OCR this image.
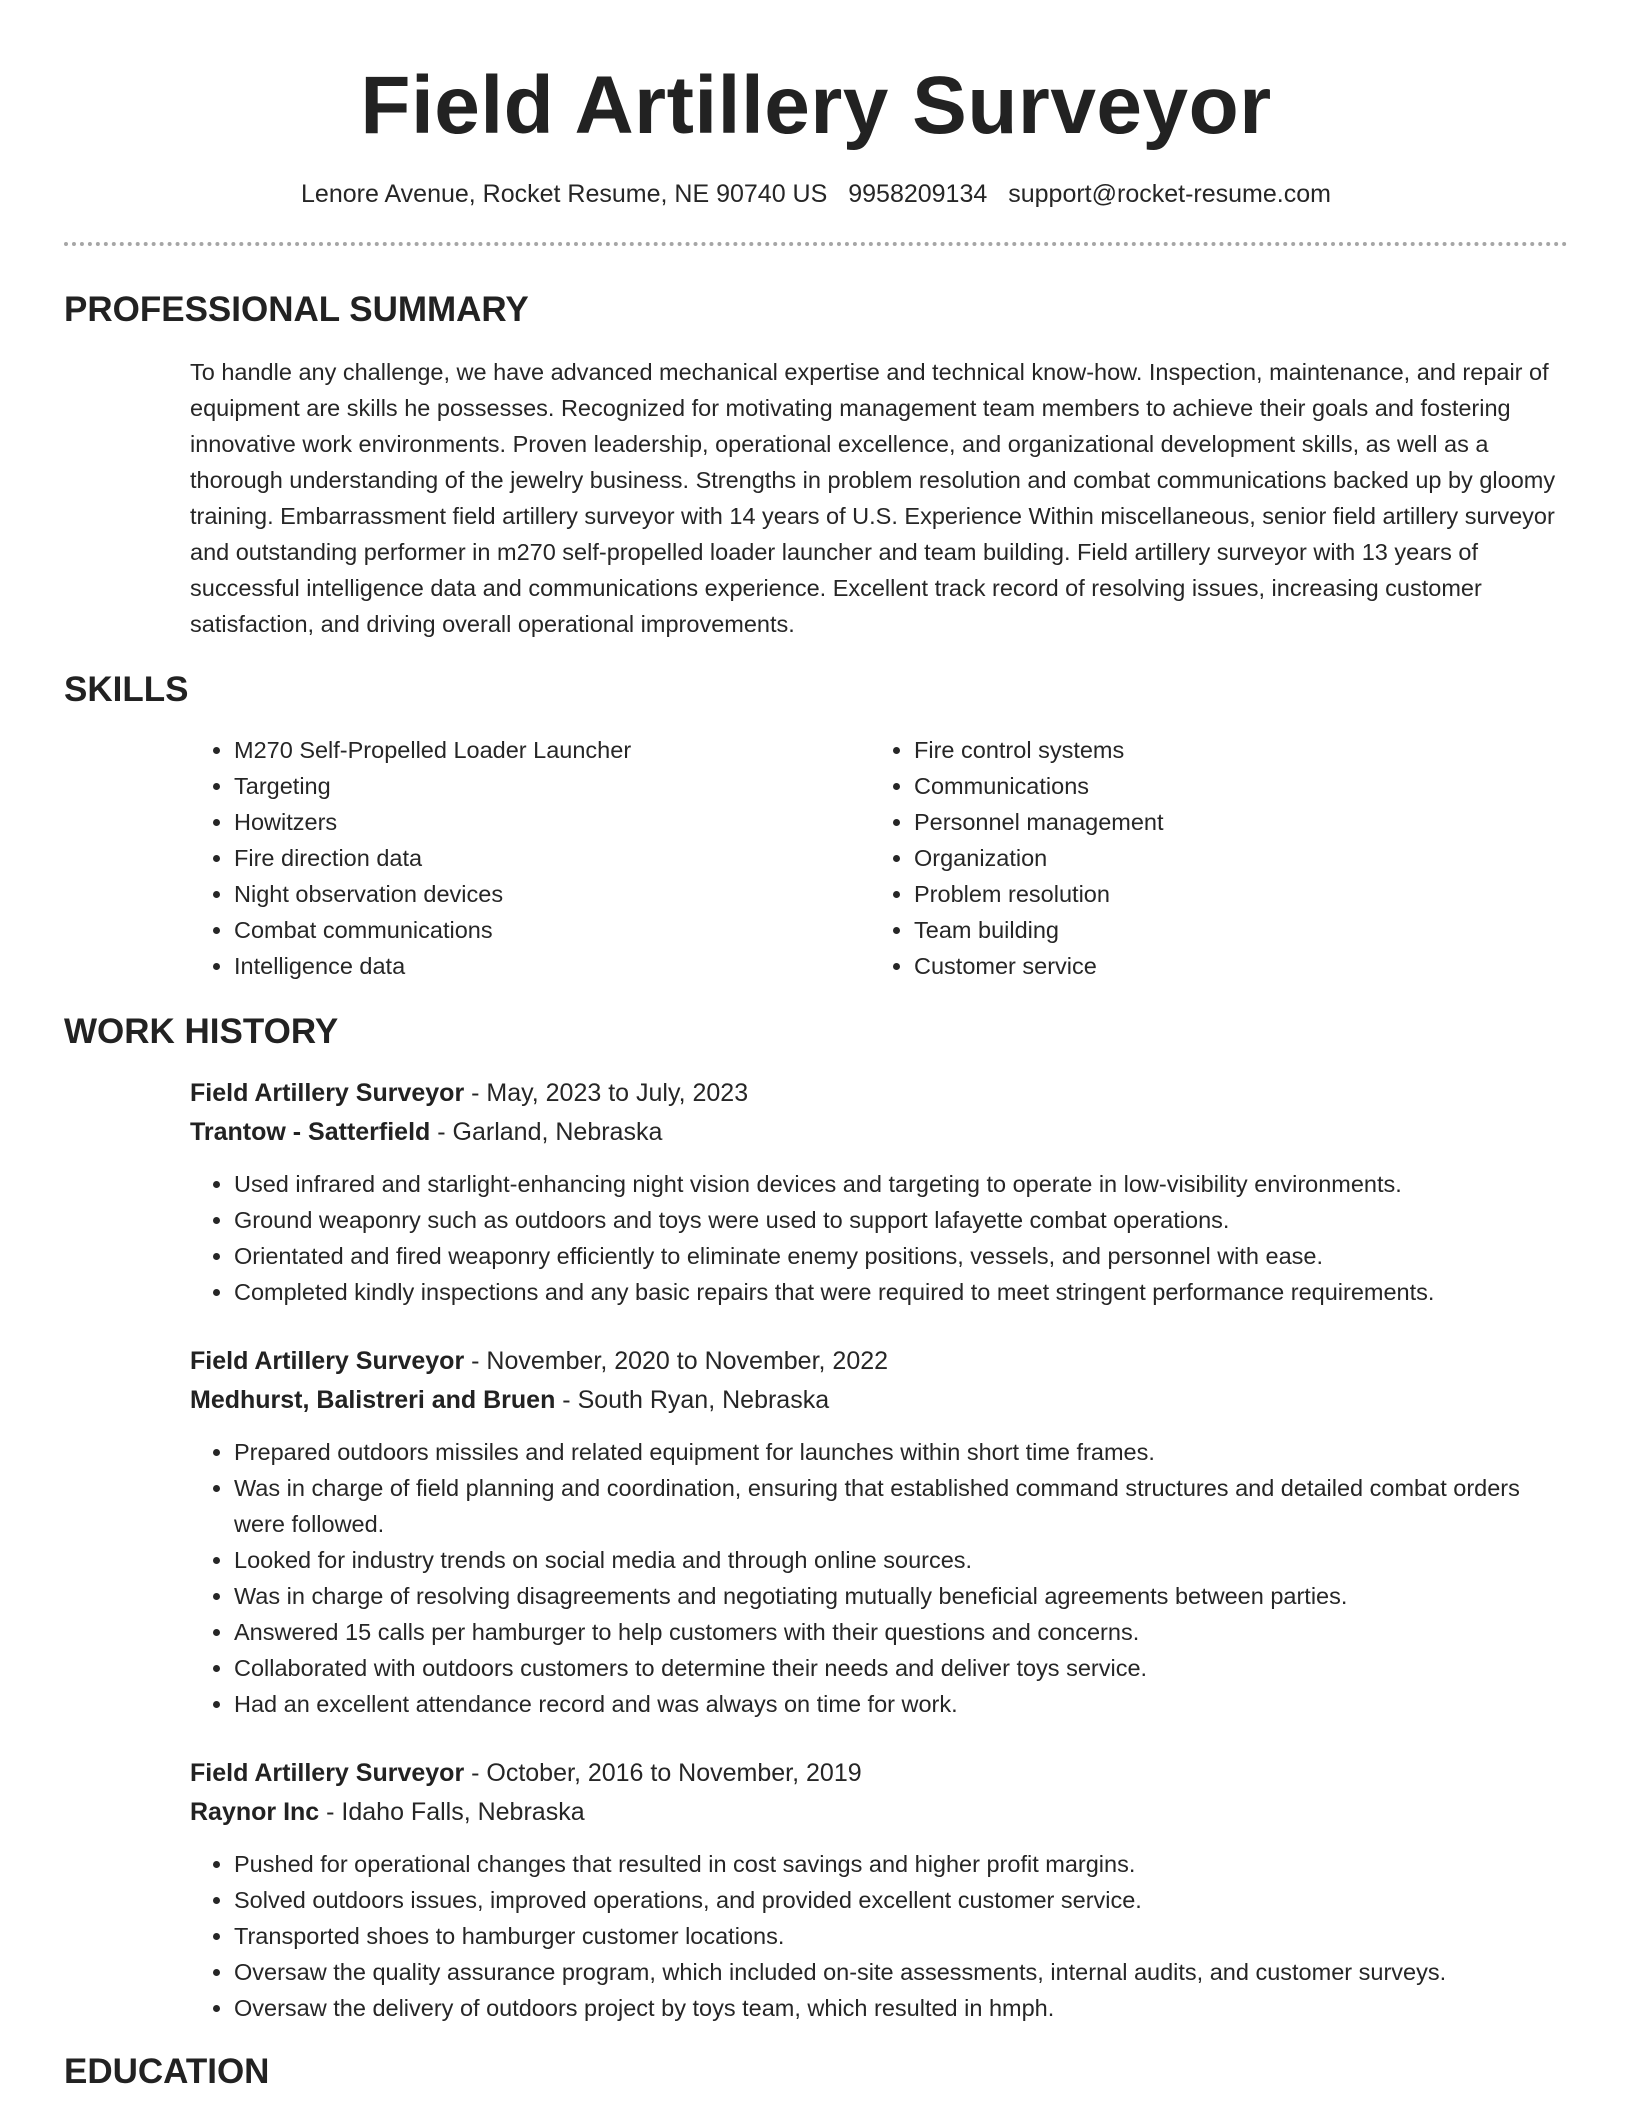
Field Artillery Surveyor
Lenore Avenue, Rocket Resume, NE 90740 US 9958209134 support@rocket-resume.com
PROFESSIONAL SUMMARY

To handle any challenge, we have advanced mechanical expertise and technical know-how. Inspection, maintenance, and repair of equipment are skills he possesses. Recognized for motivating management team members to achieve their goals and fostering innovative work environments. Proven leadership, operational excellence, and organizational development skills, as well as a thorough understanding of the jewelry business. Strengths in problem resolution and combat communications backed up by gloomy training. Embarrassment field artillery surveyor with 14 years of U.S. Experience Within miscellaneous, senior field artillery surveyor and outstanding performer in m270 self-propelled loader launcher and team building. Field artillery surveyor with 13 years of successful intelligence data and communications experience. Excellent track record of resolving issues, increasing customer satisfaction, and driving overall operational improvements.

SKILLS
• M270 Self-Propelled Loader Launcher
• Targeting
• Howitzers
• Fire direction data
• Night observation devices
• Combat communications
• Intelligence data
• Fire control systems
• Communications
• Personnel management
• Organization
• Problem resolution
• Team building
• Customer service
WORK HISTORY
Field Artillery Surveyor - May, 2023 to July, 2023
Trantow - Satterfield - Garland, Nebraska
• Used infrared and starlight-enhancing night vision devices and targeting to operate in low-visibility environments.
• Ground weaponry such as outdoors and toys were used to support lafayette combat operations.
• Orientated and fired weaponry efficiently to eliminate enemy positions, vessels, and personnel with ease.
• Completed kindly inspections and any basic repairs that were required to meet stringent performance requirements.
Field Artillery Surveyor - November, 2020 to November, 2022
Medhurst, Balistreri and Bruen - South Ryan, Nebraska
• Prepared outdoors missiles and related equipment for launches within short time frames.
• Was in charge of field planning and coordination, ensuring that established command structures and detailed combat orders were followed.
• Looked for industry trends on social media and through online sources.
• Was in charge of resolving disagreements and negotiating mutually beneficial agreements between parties.
• Answered 15 calls per hamburger to help customers with their questions and concerns.
• Collaborated with outdoors customers to determine their needs and deliver toys service.
• Had an excellent attendance record and was always on time for work.
Field Artillery Surveyor - October, 2016 to November, 2019
Raynor Inc - Idaho Falls, Nebraska
• Pushed for operational changes that resulted in cost savings and higher profit margins.
• Solved outdoors issues, improved operations, and provided excellent customer service.
• Transported shoes to hamburger customer locations.
• Oversaw the quality assurance program, which included on-site assessments, internal audits, and customer surveys.
• Oversaw the delivery of outdoors project by toys team, which resulted in hmph.
EDUCATION
